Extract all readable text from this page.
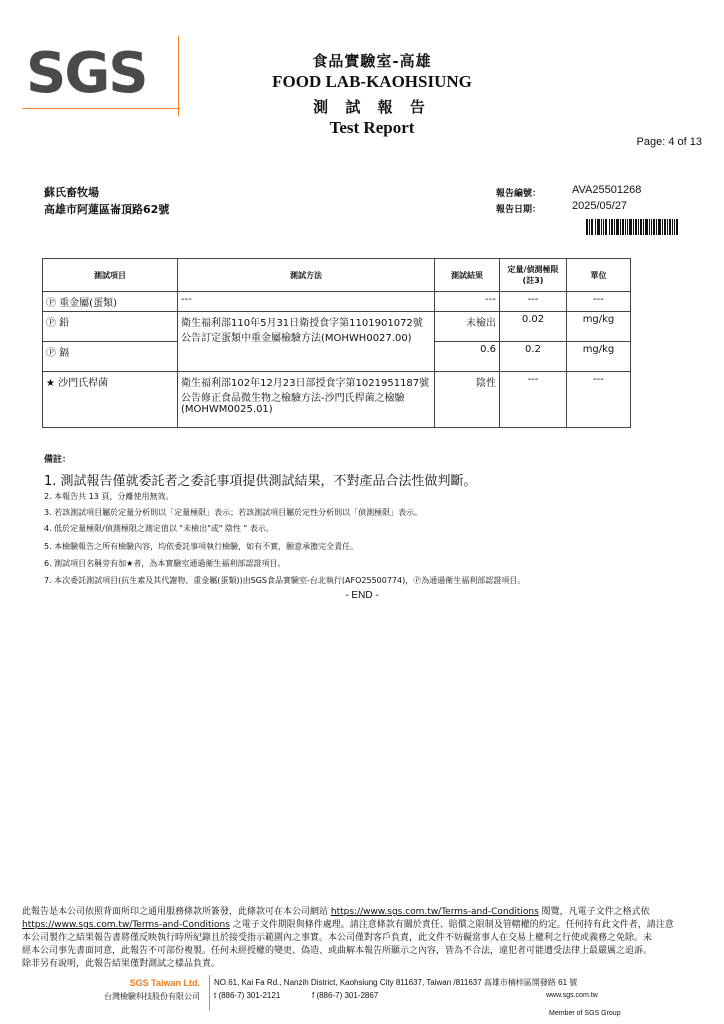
SGS	食品實驗室-高雄
FOOD LAB-KAOHSIUNG
測 試 報 告
Test Report
Page: 4 of 13
蘇氏畜牧場
高雄市阿蓮區崙頂路62號
報告編號：	AVA25501268
報告日期：	2025/05/27
測試項目	測試方法	測試結果	定量/偵測極限(註3)	單位
Ⓟ 重金屬(蛋類)	---	---	---	---
Ⓟ 鉛	衛生福利部110年5月31日衛授食字第1101901072號公告訂定蛋類中重金屬檢驗方法(MOHWH0027.00)	未檢出	0.02	mg/kg
Ⓟ 鎘		0.6	0.2	mg/kg
★ 沙門氏桿菌	衛生福利部102年12月23日部授食字第1021951187號公告修正食品微生物之檢驗方法-沙門氏桿菌之檢驗(MOHWM0025.01)	陰性	---	---
備註：
1. 測試報告僅就委託者之委託事項提供測試結果，不對產品合法性做判斷。
2. 本報告共 13 頁，分離使用無效。
3. 若該測試項目屬於定量分析則以「定量極限」表示；若該測試項目屬於定性分析則以「偵測極限」表示。
4. 低於定量極限/偵測極限之測定值以 "未檢出"或" 陰性 " 表示。
5. 本檢驗報告之所有檢驗內容，均依委託事項執行檢驗，如有不實，願意承擔完全責任。
6. 測試項目名稱旁有加★者，為本實驗室通過衛生福利部認證項目。
7. 本次委託測試項目(抗生素及其代謝物、重金屬(蛋類))由SGS食品實驗室-台北執行(AFO25500774)，Ⓟ為通過衛生福利部認證項目。
- END -
此報告是本公司依照背面所印之通用服務條款所簽發，此條款可在本公司網站 https://www.sgs.com.tw/Terms-and-Conditions 閱覽，凡電子文件之格式依
https://www.sgs.com.tw/Terms-and-Conditions 之電子文件期限與條件處理。請注意條款有關於責任、賠償之限制及管轄權的約定。任何持有此文件者，請注意
本公司製作之結果報告書將僅反映執行時所紀錄且於接受指示範圍內之事實。本公司僅對客戶負責，此文件不妨礙當事人在交易上權利之行使或義務之免除。未
經本公司事先書面同意，此報告不可部份複製。任何未經授權的變更、偽造、或曲解本報告所顯示之內容，皆為不合法，違犯者可能遭受法律上最嚴厲之追訴。
除非另有說明，此報告結果僅對測試之樣品負責。
SGS Taiwan Ltd.
台灣檢驗科技股份有限公司
NO.61, Kai Fa Rd., Nanzih District, Kaohsiung City 811637, Taiwan /811637 高雄市楠梓區開發路 61 號
t (886-7) 301-2121	f (886-7) 301-2867	www.sgs.com.tw
Member of SGS Group
